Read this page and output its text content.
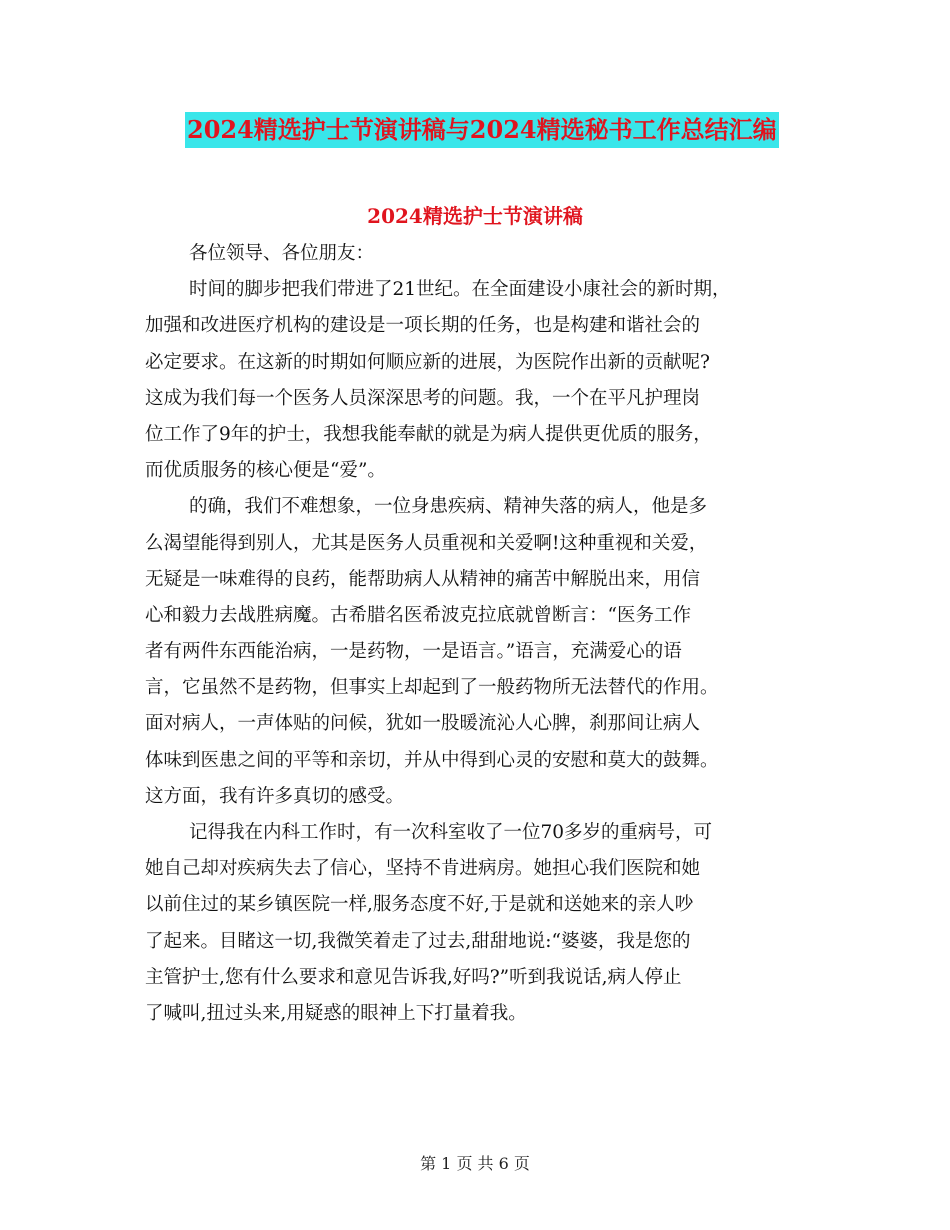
2024精选护士节演讲稿与2024精选秘书工作总结汇编
2024精选护士节演讲稿
各位领导、各位朋友：
时间的脚步把我们带进了21世纪。在全面建设小康社会的新时期，
加强和改进医疗机构的建设是一项长期的任务，也是构建和谐社会的
必定要求。在这新的时期如何顺应新的进展，为医院作出新的贡献呢?
这成为我们每一个医务人员深深思考的问题。我，一个在平凡护理岗
位工作了9年的护士，我想我能奉献的就是为病人提供更优质的服务，
而优质服务的核心便是“爱”。
的确，我们不难想象，一位身患疾病、精神失落的病人，他是多
么渴望能得到别人，尤其是医务人员重视和关爱啊!这种重视和关爱，
无疑是一味难得的良药，能帮助病人从精神的痛苦中解脱出来，用信
心和毅力去战胜病魔。古希腊名医希波克拉底就曾断言：“医务工作
者有两件东西能治病，一是药物，一是语言。”语言，充满爱心的语
言，它虽然不是药物，但事实上却起到了一般药物所无法替代的作用。
面对病人，一声体贴的问候，犹如一股暖流沁人心脾，刹那间让病人
体味到医患之间的平等和亲切，并从中得到心灵的安慰和莫大的鼓舞。
这方面，我有许多真切的感受。
记得我在内科工作时，有一次科室收了一位70多岁的重病号，可
她自己却对疾病失去了信心，坚持不肯进病房。她担心我们医院和她
以前住过的某乡镇医院一样,服务态度不好,于是就和送她来的亲人吵
了起来。目睹这一切,我微笑着走了过去,甜甜地说:“婆婆，我是您的
主管护士,您有什么要求和意见告诉我,好吗?”听到我说话,病人停止
了喊叫,扭过头来,用疑惑的眼神上下打量着我。
第 1 页 共 6 页
